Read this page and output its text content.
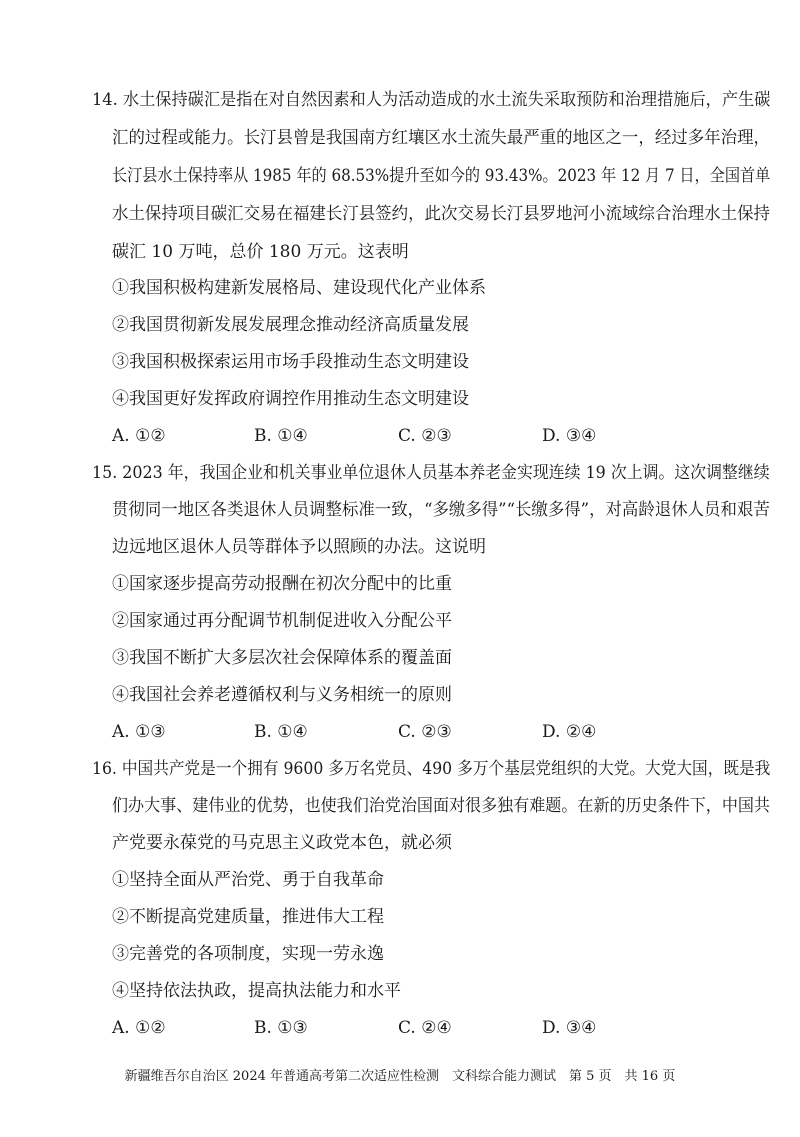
14. 水土保持碳汇是指在对自然因素和人为活动造成的水土流失采取预防和治理措施后，产生碳
汇的过程或能力。长汀县曾是我国南方红壤区水土流失最严重的地区之一，经过多年治理，
长汀县水土保持率从 1985 年的 68.53%提升至如今的 93.43%。2023 年 12 月 7 日，全国首单
水土保持项目碳汇交易在福建长汀县签约，此次交易长汀县罗地河小流域综合治理水土保持
碳汇 10 万吨，总价 180 万元。这表明
①我国积极构建新发展格局、建设现代化产业体系
②我国贯彻新发展发展理念推动经济高质量发展
③我国积极探索运用市场手段推动生态文明建设
④我国更好发挥政府调控作用推动生态文明建设
A. ①②	B. ①④	C. ②③	D. ③④
15. 2023 年，我国企业和机关事业单位退休人员基本养老金实现连续 19 次上调。这次调整继续
贯彻同一地区各类退休人员调整标准一致，“多缴多得”“长缴多得”，对高龄退休人员和艰苦
边远地区退休人员等群体予以照顾的办法。这说明
①国家逐步提高劳动报酬在初次分配中的比重
②国家通过再分配调节机制促进收入分配公平
③我国不断扩大多层次社会保障体系的覆盖面
④我国社会养老遵循权利与义务相统一的原则
A. ①③	B. ①④	C. ②③	D. ②④
16. 中国共产党是一个拥有 9600 多万名党员、490 多万个基层党组织的大党。大党大国，既是我
们办大事、建伟业的优势，也使我们治党治国面对很多独有难题。在新的历史条件下，中国共
产党要永葆党的马克思主义政党本色，就必须
①坚持全面从严治党、勇于自我革命
②不断提高党建质量，推进伟大工程
③完善党的各项制度，实现一劳永逸
④坚持依法执政，提高执法能力和水平
A. ①②	B. ①③	C. ②④	D. ③④
新疆维吾尔自治区 2024 年普通高考第二次适应性检测　文科综合能力测试　第 5 页　共 16 页
